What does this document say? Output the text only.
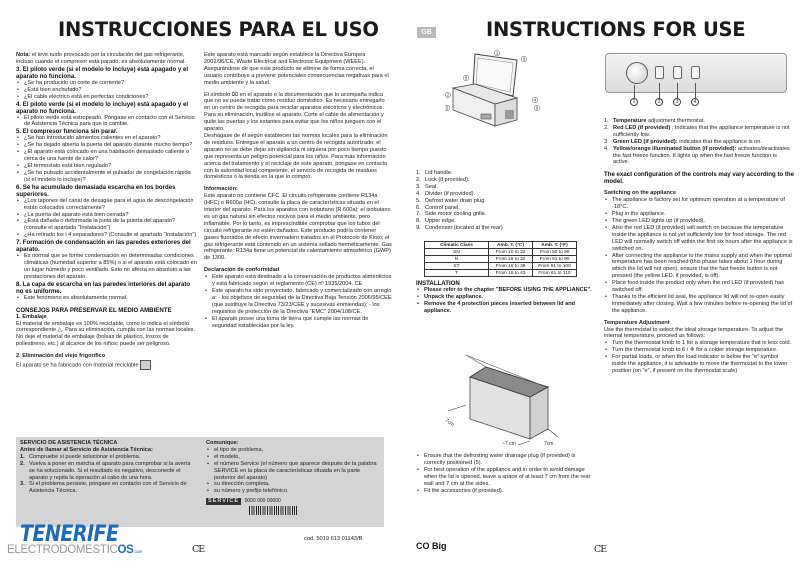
INSTRUCCIONES PARA EL USO
Nota: el leve ruido provocado por la circulación del gas refrigerante, incluso cuando el compresor está parado, es absolutamente normal.
3. El piloto verde (si el modelo lo incluye) está apagado y el aparato no funciona.
• ¿Se ha producido un corte de corriente?
• ¿Está bien enchufado?
• ¿El cable eléctrico está en perfectas condiciones?
4. El piloto verde (si el modelo lo incluye) está apagado y el aparato no funciona.
• El piloto verde está estropeado. Póngase en contacto con el Servicio de Asistencia Técnica para que lo cambie.
5. El compresor funciona sin parar.
• ¿Se han introducido alimentos calientes en el aparato?
• ¿Se ha dejado abierta la puerta del aparato durante mucho tiempo?
• ¿El aparato está colocado en una habitación demasiado caliente o cerca de una fuente de calor?
• ¿El termostato está bien regulado?
• ¿Se ha pulsado accidentalmente el pulsador de congelación rápida (si el modelo lo incluye)?
6. Se ha acumulado demasiada escarcha en los bordes superiores.
• ¿Los tapones del canal de desagüe para el agua de descongelación están colocados correctamente?
• ¿La puerta del aparato está bien cerrada?
• ¿Está dañada o deformada la junta de la puerta del aparato? (consulte el apartado "Instalación")
• ¿Ha retirado los i 4 separadores? (Consulte el apartado "Instalación")
7. Formación de condensación en las paredes exteriores del aparato.
• Es normal que se forme condensación en determinadas condiciones climáticas (humedad superior a 85%) o si el aparato está colocado en un lugar húmedo y poco ventilado. Esto no afecta en absoluto a las prestaciones del aparato.
8. La capa de escarcha en las paredes interiores del aparato no es uniforme.
• Este fenómeno es absolutamente normal.
CONSEJOS PARA PRESERVAR EL MEDIO AMBIENTE
1. Embalaje
El material de embalaje es 100% reciclable, como lo indica el símbolo correspondiente △. Para su eliminación, cumpla con las normas locales. No deje el material de embalaje (bolsas de plástico, trozos de poliestireno, etc.) al alcance de los niños; puede ser peligroso.
2. Eliminación del viejo frigorífico
El aparato se ha fabricado con material reciclable .
Este aparato está marcado según establece la Directiva Europea 2002/96/CE, Waste Electrical and Electronic Equipment (WEEE). Asegurándose de que este producto se elimine de forma correcta, el usuario contribuye a prevenir potenciales consecuencias negativas para el medio ambiente y la salud.
El símbolo ⌧ en el aparato o la documentación que lo acompaña indica que no se puede tratar como residuo doméstico. Es necesario entregarlo en un centro de recogida para reciclar aparatos eléctricos y electrónicos.
Para su eliminación, inutilice el aparato. Corte el cable de alimentación y quite las puertas y los estantes para evitar que los niños jueguen con el aparato.
Deshágase de él según establecen las normas locales para la eliminación de residuos. Entregue el aparato a un centro de recogida autorizado; el aparato no se debe dejar sin vigilancia ni siquiera por poco tiempo puesto que representa un peligro potencial para los niños. Para más información acerca del tratamiento y el reciclaje de este aparato, póngase en contacto con la autoridad local competente, el servicio de recogida de residuos domésticos o la tienda en la que lo compró.
Información:
Este aparato no contiene CFC. El circuito refrigerante contiene R134a (HFC) o R600a (HC), consulte la placa de características situada en el interior del aparato. Para los aparatos con isobutano (R 600a): el isobutano es un gas natural sin efectos nocivos para el medio ambiente, pero inflamable. Por lo tanto, es imprescindible comprobar que los tubos del circuito refrigerante no estén dañados. Este producto podría contener gases fluorados de efecto invernadero tratados en el Protocolo de Kioto; el gas refrigerante está contenido en un sistema sellado herméticamente. Gas refrigerante: R134a tiene un potencial de calentamiento atmosférico (GWP) de 1300.
Declaración de conformidad
• Este aparato está destinado a la conservación de productos alimenticios y está fabricado según el reglamento (CE) nº 1935/2004. CE
• Este aparato ha sido proyectado, fabricado y comercializado con arreglo a: - los objetivos de seguridad de la Directiva Baja Tensión 2006/95/CEE (que sustituye la Directiva 73/23/CEE y sucesivas enmiendas); - los requisitos de protección de la Directiva "EMC" 2004/108/CE.
• El aparato posee una toma de tierra que cumple las normas de seguridad establecidas por la ley.
SERVICIO DE ASISTENCIA TÉCNICA
Antes de llamar al Servicio de Asistencia Técnica:
1. Compruebe si puede solucionar el problema.
2. Vuelva a poner en marcha el aparato para comprobar si la avería se ha solucionado. Si el resultado es negativo, desconecte el aparato y repita la operación al cabo de una hora.
3. Si el problema persiste, póngase en contacto con el Servicio de Asistencia Técnica.
Comunique:
• el tipo de problema,
• el modelo,
• el número Service (el número que aparece después de la palabra SERVICE en la placa de características situada en la parte posterior del aparato)
• su dirección completa,
• su número y prefijo telefónico.
SERVICE 0000 000 00000
TENERIFE
ELECTRODOMESTICOS.com	CE
cod. 5019 613 01143/B
GB	INSTRUCTIONS FOR USE
1
3
8
2
4
9
5
1. Lid handle.
2. Lock (if provided).
3. Seal.
4. Divider (if provided).
5. Defrost water drain plug.
6. Control panel.
7. Side motor cooling grille.
8. Upper edge.
9. Condenser (located at the rear)
Climatic Class	Amb. T. (°C)	Amb. T. (°F)
SN	From 10 to 32	From 50 to 90
N	From 16 to 32	From 61 to 90
ST	From 16 to 38	From 61 to 100
T	From 16 to 43	From 61 to 110
INSTALLATION
• Please refer to the chapter "BEFORE USING THE APPLIANCE".
• Unpack the appliance.
• Remove the 4 protection pieces inserted between lid and appliance.
7cm
~7 cm	7cm
• Ensure that the defrosting water drainage plug (if provided) is correctly positioned (5).
• For best operation of the appliance and in order to avoid damage when the lid is opened, leave a space of at least 7 cm from the rear wall and 7 cm at the sides.
• Fit the accessories (if provided).
1	2	3	4
1. Temperature adjustment thermostat.
2. Red LED (if provided) : Indicates that the appliance temperature is not sufficiently low.
3. Green LED (if provided): indicates that the appliance is on.
4. Yellow/orange illuminated button (if provided): activates/deactivates the fast freeze function. It lights up when the fast freeze function is active.
The exact configuration of the controls may vary according to the model.
Switching on the appliance
• The appliance is factory set for optimum operation at a temperature of -18°C.
• Plug in the appliance.
• The green LED lights up (if provided).
• Also the red LED (if provided) will switch on because the temperature inside the appliance is not yet sufficiently low for food storage. The red LED will normally switch off within the first six hours after the appliance is switched on.
• After connecting the appliance to the mains supply and when the optimal temperature has been reached (this phase takes about 1 hour during which the lid will not open), ensure that the fast freeze button is not pressed (the yellow LED, if provided, is off).
• Place food inside the product only when the red LED (if provided) has switched off.
• Thanks to the efficient lid seal, the appliance lid will not re-open easily immediately after closing. Wait a few minutes before re-opening the lid of the appliance.
Temperature Adjustment
Use the thermostat to select the ideal storage temperature. To adjust the internal temperature, proceed as follows:
• Turn the thermostat knob to 1 for a storage temperature that is less cold.
• Turn the thermostat knob to 6 / ❄ for a colder storage temperature.
• For partial loads, or when the load indicator is below the "e" symbol inside the appliance, it is advisable to move the thermostat to the lower position (on "e", if present on the thermostat scale)
CO Big	CE
